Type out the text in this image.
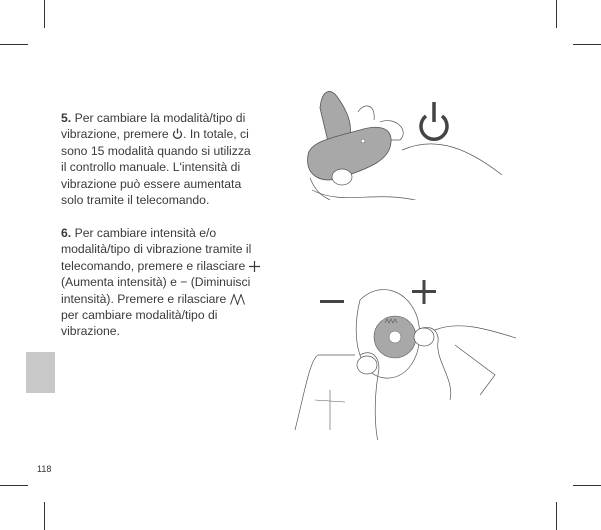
5. Per cambiare la modalità/tipo di
vibrazione, premere . In totale, ci
sono 15 modalità quando si utilizza
il controllo manuale. L'intensità di
vibrazione può essere aumentata
solo tramite il telecomando.
6. Per cambiare intensità e/o
modalità/tipo di vibrazione tramite il
telecomando, premere e rilasciare
(Aumenta intensità) e − (Diminuisci
intensità). Premere e rilasciare
per cambiare modalità/tipo di
vibrazione.
118
